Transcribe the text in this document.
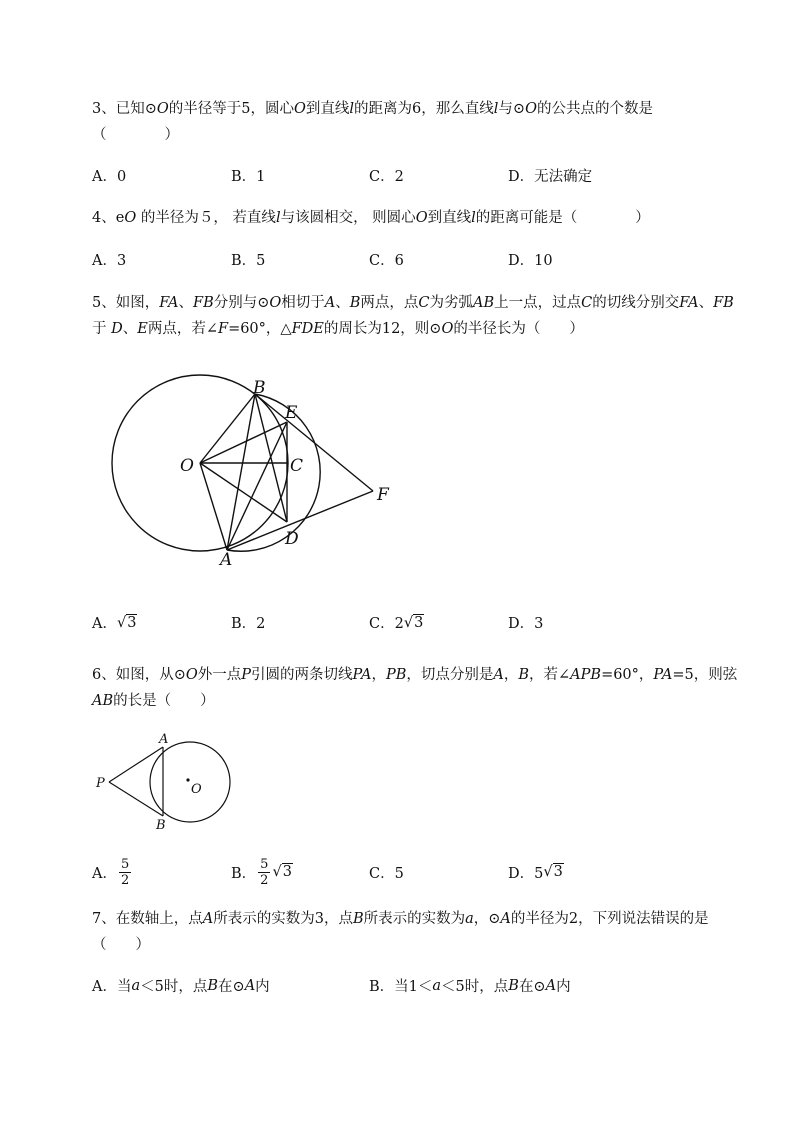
3、已知⊙O的半径等于5，圆心O到直线l的距离为6，那么直线l与⊙O的公共点的个数是
（　　　　）
A．0	B．1	C．2	D．无法确定
4、eO 的半径为５， 若直线l与该圆相交， 则圆心O到直线l的距离可能是（　　　　）
A．3	B．5	C．6	D．10
5、如图，FA、FB分别与⊙O相切于A、B两点，点C为劣弧AB上一点，过点C的切线分别交FA、FB
于 D、E两点，若∠F=60°，△FDE的周长为12，则⊙O的半径长为（　　）
B
E
O	C
F
D
A
A． √3	B．2	C．2 √3	D．3
6、如图，从⊙O外一点P引圆的两条切线PA，PB，切点分别是A，B，若∠APB=60°，PA=5，则弦
AB的长是（　　）
A
P	O
B
A． $\frac{5}{2}$	B． $\frac{5}{2} √3$	C．5	D．5 √3
7、在数轴上，点A所表示的实数为3，点B所表示的实数为a，⊙A的半径为2，下列说法错误的是
（　　）
A．当 a ＜5时，点 B 在⊙ A 内	B．当1＜ a ＜5时，点 B 在⊙ A 内
